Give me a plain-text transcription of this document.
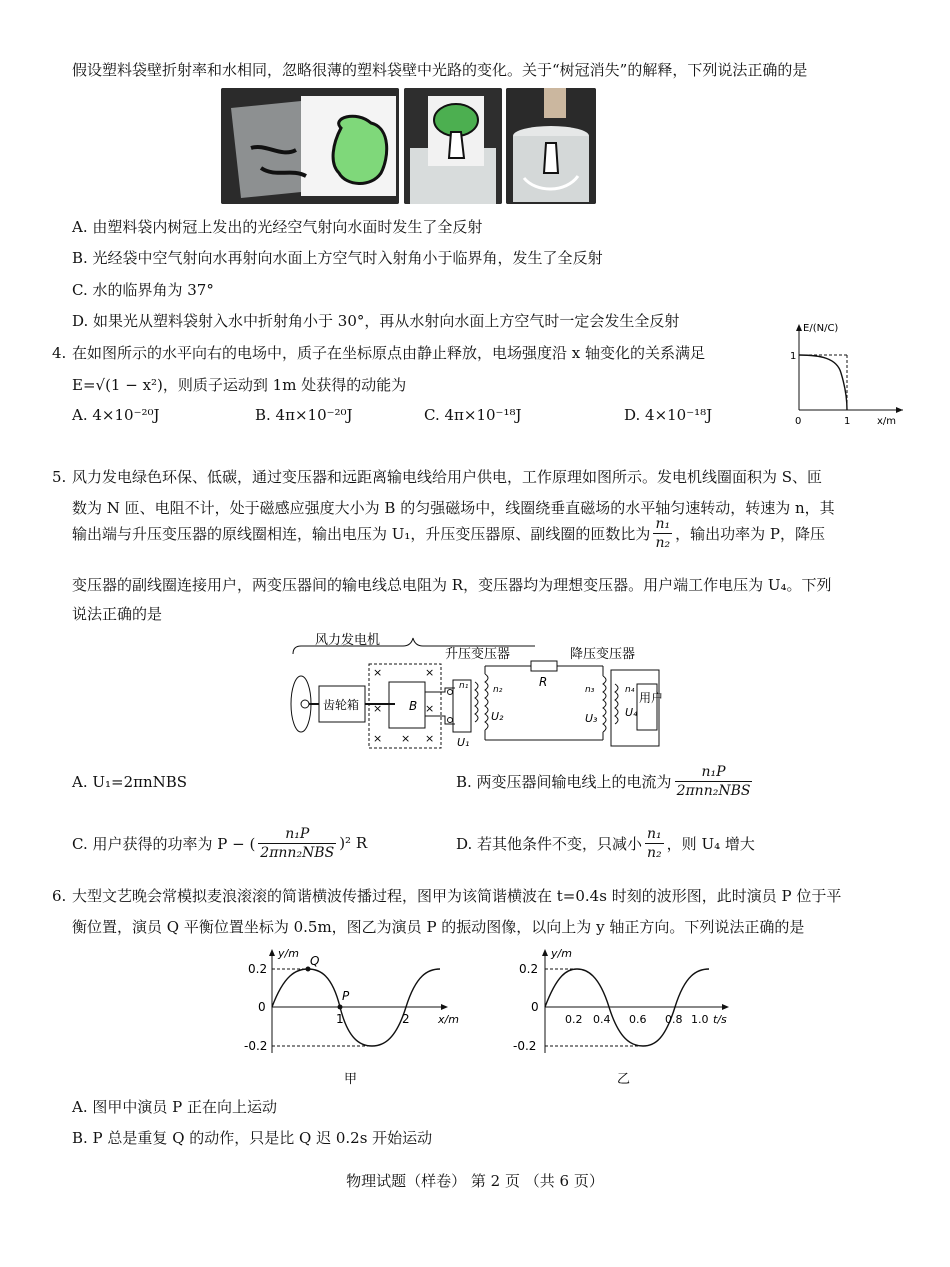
假设塑料袋壁折射率和水相同，忽略很薄的塑料袋壁中光路的变化。关于“树冠消失”的解释，下列说法正确的是
A. 由塑料袋内树冠上发出的光经空气射向水面时发生了全反射
B. 光经袋中空气射向水再射向水面上方空气时入射角小于临界角，发生了全反射
C. 水的临界角为 37°
D. 如果光从塑料袋射入水中折射角小于 30°，再从水射向水面上方空气时一定会发生全反射
4. 在如图所示的水平向右的电场中，质子在坐标原点由静止释放，电场强度沿 x 轴变化的关系满足
E=√(1 − x²)，则质子运动到 1m 处获得的动能为
A. 4×10⁻²⁰J	B. 4π×10⁻²⁰J	C. 4π×10⁻¹⁸J	D. 4×10⁻¹⁸J
E/(N/C)
1
0	1	x/m
5. 风力发电绿色环保、低碳，通过变压器和远距离输电线给用户供电，工作原理如图所示。发电机线圈面积为 S、匝
数为 N 匝、电阻不计，处于磁感应强度大小为 B 的匀强磁场中，线圈绕垂直磁场的水平轴匀速转动，转速为 n，其
输出端与升压变压器的原线圈相连，输出电压为 U₁，升压变压器原、副线圈的匝数比为 $\frac{\text{n₁}}{\text{n₂}}$ ，输出功率为 P，降压
变压器的副线圈连接用户，两变压器间的输电线总电阻为 R，变压器均为理想变压器。用户端工作电压为 U₄。下列
说法正确的是
风力发电机
升压变压器	降压变压器
齿轮箱
×	×
×	×
× × ×
B
n₁	n₂
U₂
U₁
R
n₃
U₃
n₄
U₄
用户
A. U₁=2πnNBS	B. 两变压器间输电线上的电流为 $\frac{\text{n₁P}}{\text{2πnn₂NBS}}$
C. 用户获得的功率为 P − ( $\frac{\text{n₁P}}{\text{2πnn₂NBS}} )^2$ R	D. 若其他条件不变，只减小 $\frac{\text{n₁}}{\text{n₂}}$ ，则 U₄ 增大
6. 大型文艺晚会常模拟麦浪滚滚的简谐横波传播过程，图甲为该简谐横波在 t=0.4s 时刻的波形图，此时演员 P 位于平
衡位置，演员 Q 平衡位置坐标为 0.5m，图乙为演员 P 的振动图像，以向上为 y 轴正方向。下列说法正确的是
0.2
0
-0.2
y/m
Q
P
1	2	x/m
甲
0.2
0
-0.2
y/m
0.2 0.4 0.6 0.8 1.0 t/s
乙
A. 图甲中演员 P 正在向上运动
B. P 总是重复 Q 的动作，只是比 Q 迟 0.2s 开始运动
物理试题（样卷） 第 2 页 （共 6 页）
